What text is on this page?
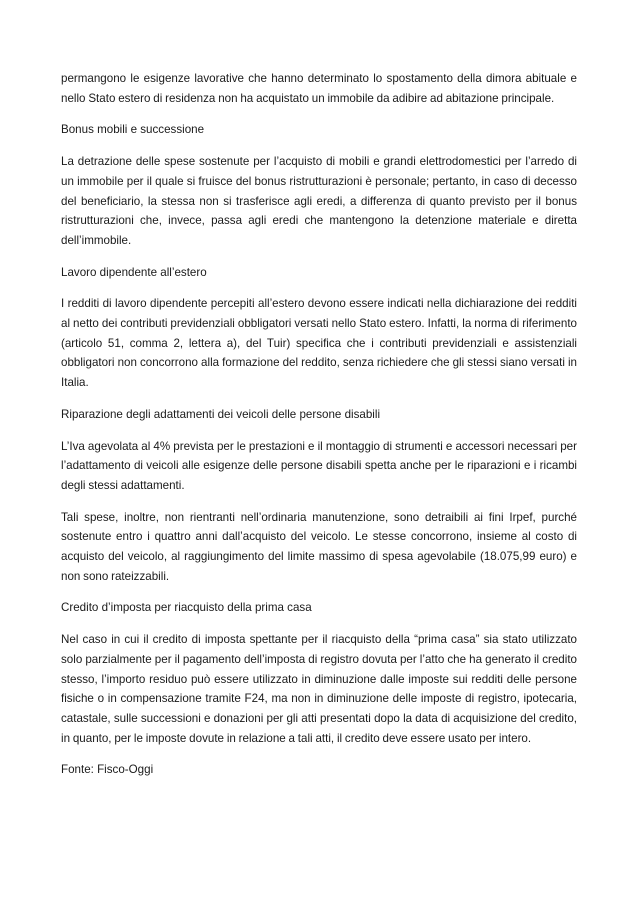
permangono le esigenze lavorative che hanno determinato lo spostamento della dimora abituale e nello Stato estero di residenza non ha acquistato un immobile da adibire ad abitazione principale.

Bonus mobili e successione

La detrazione delle spese sostenute per l’acquisto di mobili e grandi elettrodomestici per l’arredo di un immobile per il quale si fruisce del bonus ristrutturazioni è personale; pertanto, in caso di decesso del beneficiario, la stessa non si trasferisce agli eredi, a differenza di quanto previsto per il bonus ristrutturazioni che, invece, passa agli eredi che mantengono la detenzione materiale e diretta dell’immobile.

Lavoro dipendente all’estero

I redditi di lavoro dipendente percepiti all’estero devono essere indicati nella dichiarazione dei redditi al netto dei contributi previdenziali obbligatori versati nello Stato estero. Infatti, la norma di riferimento (articolo 51, comma 2, lettera a), del Tuir) specifica che i contributi previdenziali e assistenziali obbligatori non concorrono alla formazione del reddito, senza richiedere che gli stessi siano versati in Italia.

Riparazione degli adattamenti dei veicoli delle persone disabili

L’Iva agevolata al 4% prevista per le prestazioni e il montaggio di strumenti e accessori necessari per l’adattamento di veicoli alle esigenze delle persone disabili spetta anche per le riparazioni e i ricambi degli stessi adattamenti.

Tali spese, inoltre, non rientranti nell’ordinaria manutenzione, sono detraibili ai fini Irpef, purché sostenute entro i quattro anni dall’acquisto del veicolo. Le stesse concorrono, insieme al costo di acquisto del veicolo, al raggiungimento del limite massimo di spesa agevolabile (18.075,99 euro) e non sono rateizzabili.

Credito d’imposta per riacquisto della prima casa

Nel caso in cui il credito di imposta spettante per il riacquisto della “prima casa” sia stato utilizzato solo parzialmente per il pagamento dell’imposta di registro dovuta per l’atto che ha generato il credito stesso, l’importo residuo può essere utilizzato in diminuzione dalle imposte sui redditi delle persone fisiche o in compensazione tramite F24, ma non in diminuzione delle imposte di registro, ipotecaria, catastale, sulle successioni e donazioni per gli atti presentati dopo la data di acquisizione del credito, in quanto, per le imposte dovute in relazione a tali atti, il credito deve essere usato per intero.

Fonte: Fisco-Oggi
